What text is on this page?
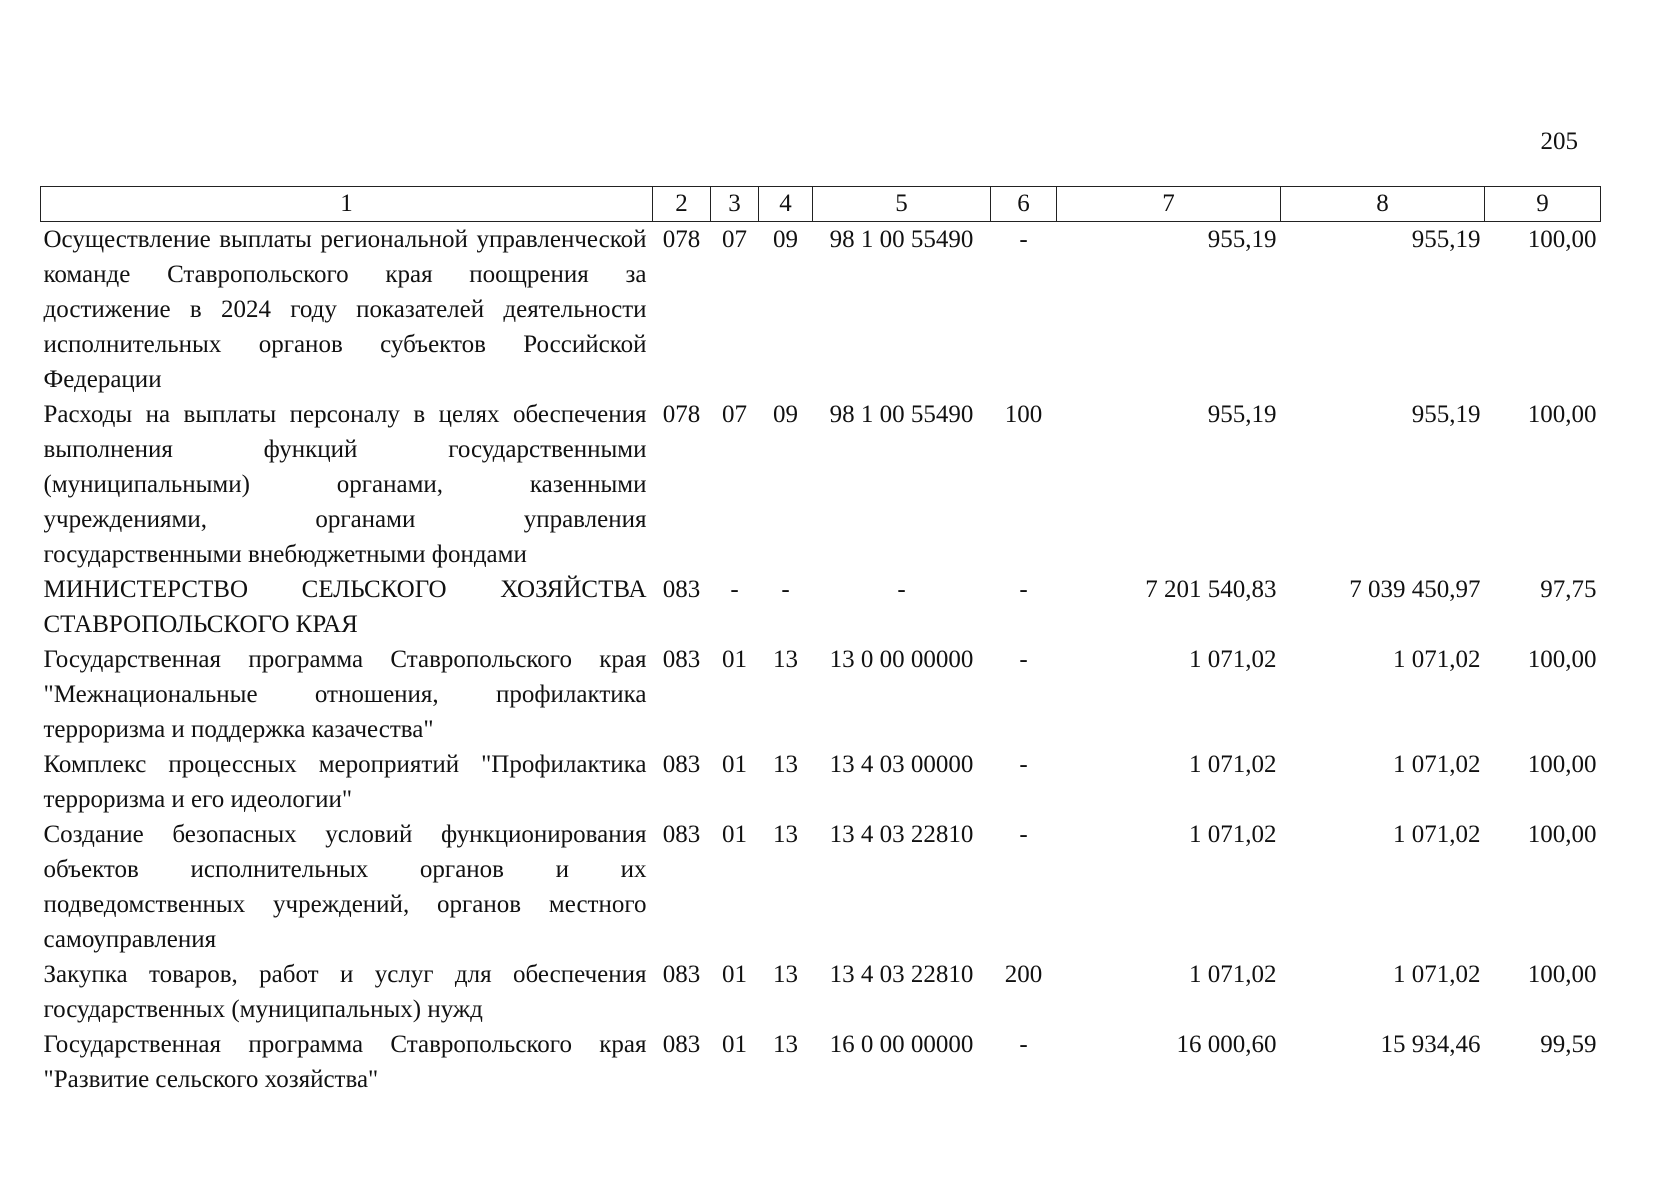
205
1	2	3	4	5	6	7	8	9
Осуществление выплаты региональной управленческой команде Ставропольского края поощрения за достижение в 2024 году показателей деятельности исполнительных органов субъектов Российской Федерации	078	07	09	98 1 00 55490	-	955,19	955,19	100,00
Расходы на выплаты персоналу в целях обеспечения выполнения функций государственными (муниципальными) органами, казенными учреждениями, органами управления государственными внебюджетными фондами	078	07	09	98 1 00 55490	100	955,19	955,19	100,00
МИНИСТЕРСТВО СЕЛЬСКОГО ХОЗЯЙСТВА СТАВРОПОЛЬСКОГО КРАЯ	083	-	-	-	-	7 201 540,83	7 039 450,97	97,75
Государственная программа Ставропольского края "Межнациональные отношения, профилактика терроризма и поддержка казачества"	083	01	13	13 0 00 00000	-	1 071,02	1 071,02	100,00
Комплекс процессных мероприятий "Профилактика терроризма и его идеологии"	083	01	13	13 4 03 00000	-	1 071,02	1 071,02	100,00
Создание безопасных условий функционирования объектов исполнительных органов и их подведомственных учреждений, органов местного самоуправления	083	01	13	13 4 03 22810	-	1 071,02	1 071,02	100,00
Закупка товаров, работ и услуг для обеспечения государственных (муниципальных) нужд	083	01	13	13 4 03 22810	200	1 071,02	1 071,02	100,00
Государственная программа Ставропольского края "Развитие сельского хозяйства"	083	01	13	16 0 00 00000	-	16 000,60	15 934,46	99,59
